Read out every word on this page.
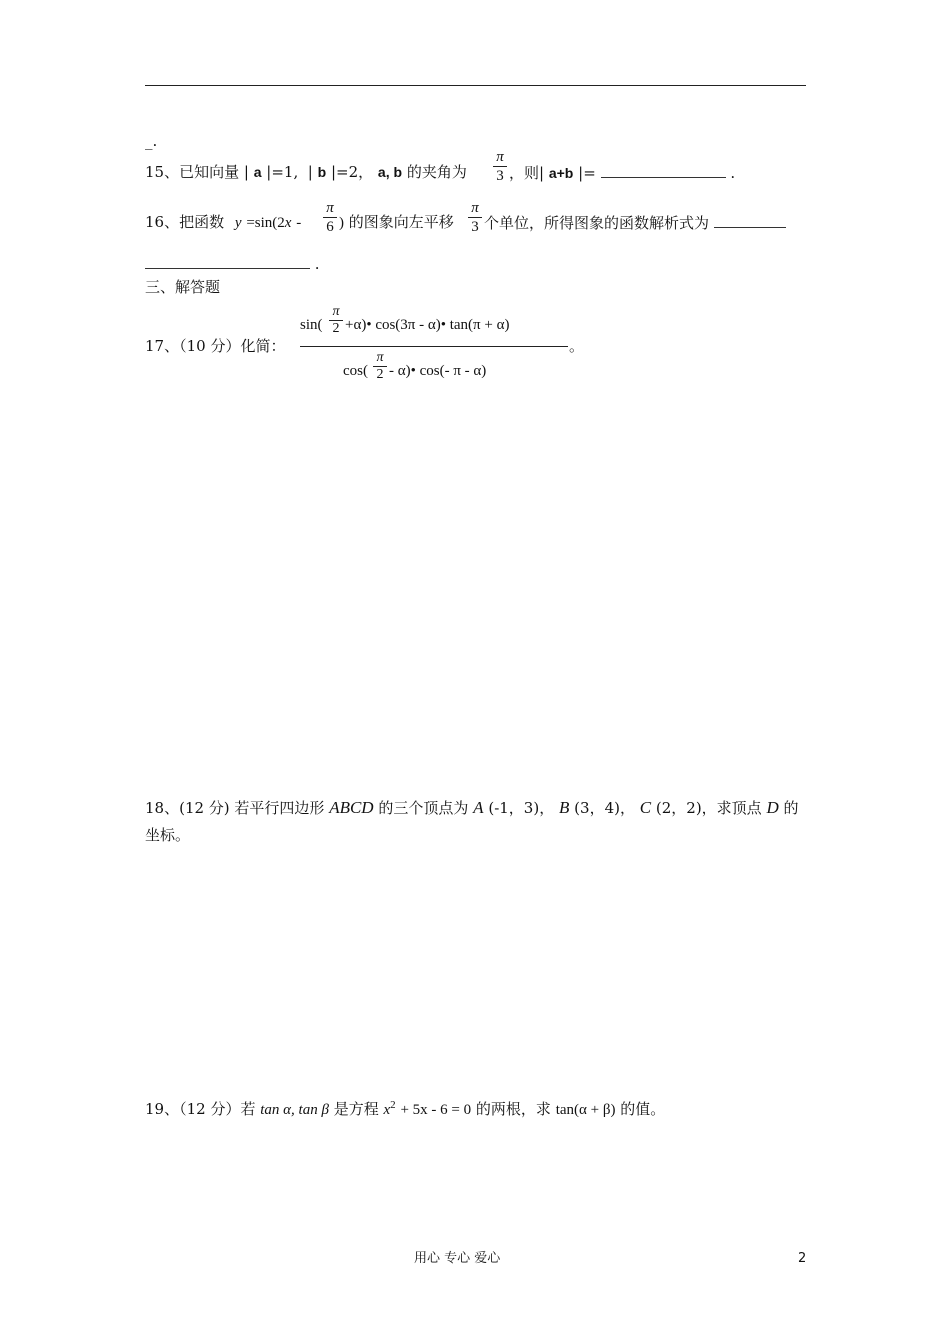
_.
15、已知向量 | a |=1, | b |=2， a, b 的夹角为
π
3 ，则| a+b |=	.
16、把函数 y =sin(2x -
π
6 ) 的图象向左平移
π
3 个单位，所得图象的函数解析式为
.
三、解答题
17、（10 分）化简：
sin(
π
2 +α)• cos(3π - α)• tan(π + α)
。
cos(
π
2 - α)• cos(- π - α)
18、(12 分) 若平行四边形 ABCD 的三个顶点为 A (-1，3)， B (3，4)， C (2，2)，求顶点 D 的
坐标。
19、（12 分）若 tan α, tan β 是方程 $x^2 + 5x - 6 = 0$ 的两根，求 tan(α + β) 的值。
用心 专心 爱心	2
